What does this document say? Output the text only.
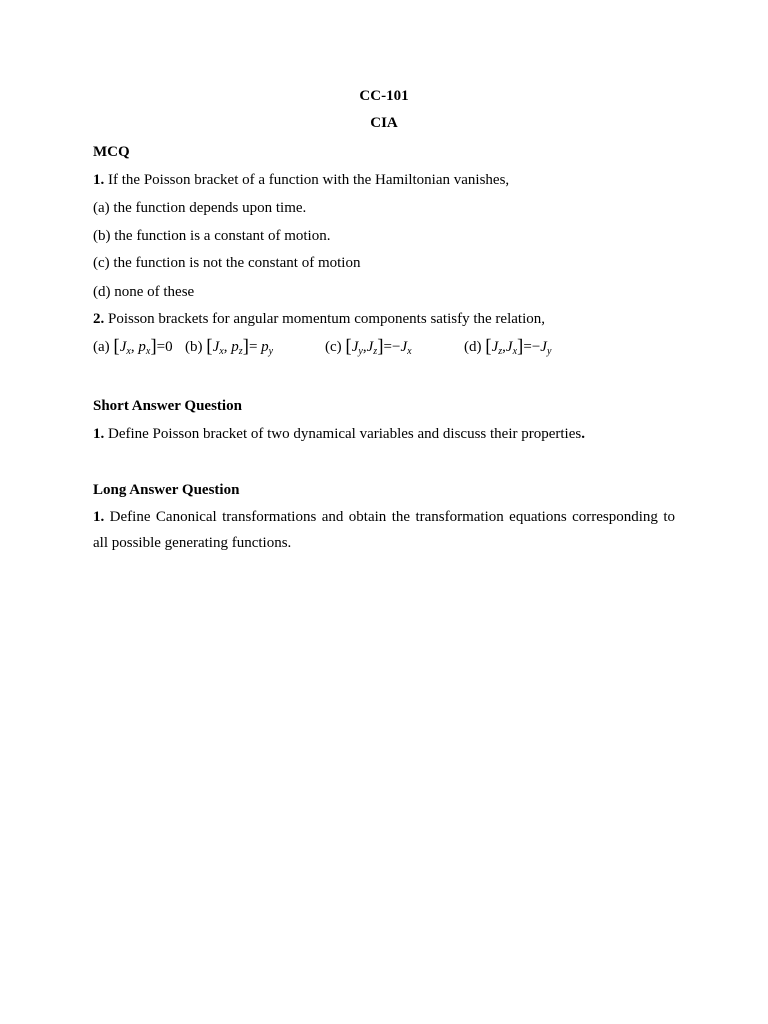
CC-101
CIA
MCQ
1. If the Poisson bracket of a function with the Hamiltonian vanishes,
(a) the function depends upon time.
(b) the function is a constant of motion.
(c) the function is not the constant of motion
(d) none of these
2. Poisson brackets for angular momentum components satisfy the relation,
(a) [$J_x$, $p_x]=0$ (b) [$J_x$, $p_z]= p_y$	(c) $[J_y,J_z]=-J_x$	(d) $[J_z,J_x]=-J_y$
Short Answer Question
1. Define Poisson bracket of two dynamical variables and discuss their properties.
Long Answer Question
1. Define Canonical transformations and obtain the transformation equations corresponding to all possible generating functions.
